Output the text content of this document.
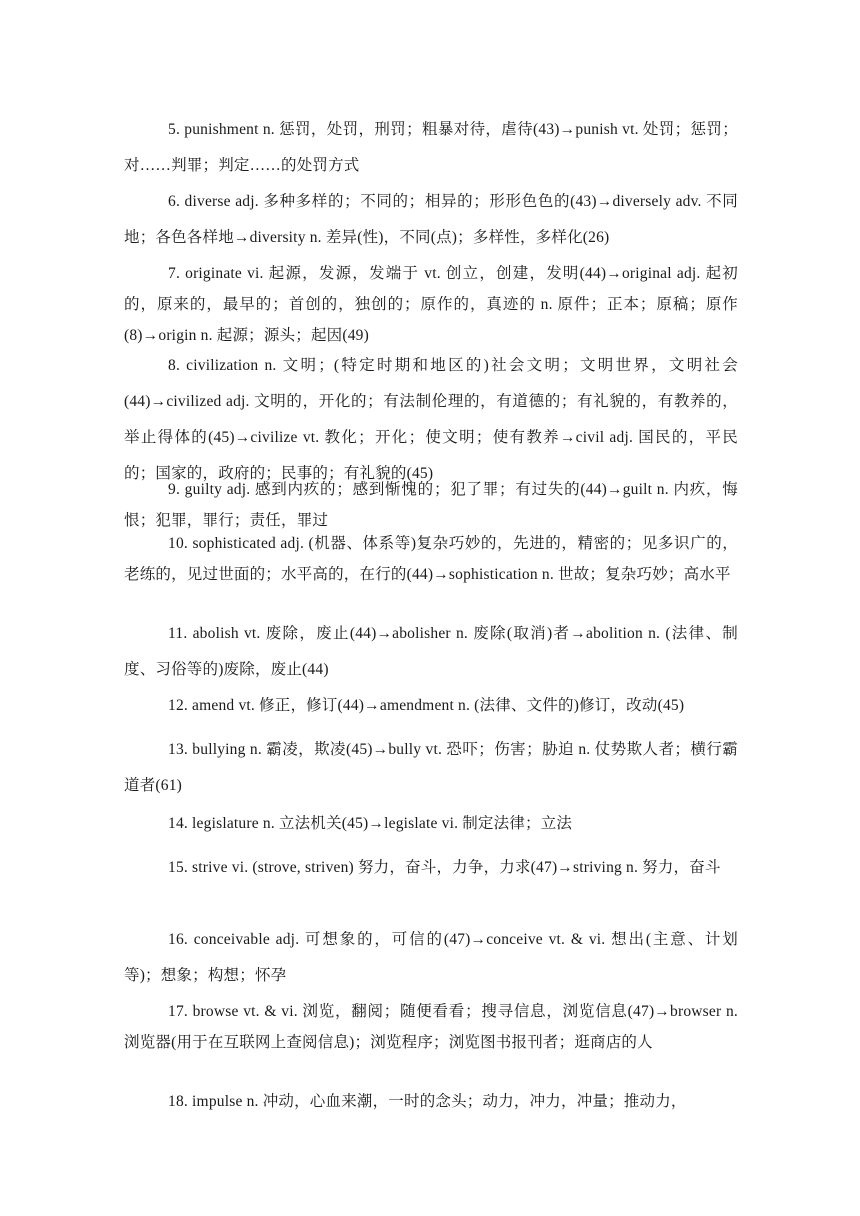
5. punishment n. 惩罚，处罚，刑罚；粗暴对待，虐待(43)→punish vt. 处罚；惩罚；对……判罪；判定……的处罚方式

6. diverse adj. 多种多样的；不同的；相异的；形形色色的(43)→diversely adv. 不同地；各色各样地→diversity n. 差异(性)，不同(点)；多样性，多样化(26)

7. originate vi. 起源，发源，发端于 vt. 创立，创建，发明(44)→original adj. 起初的，原来的，最早的；首创的，独创的；原作的，真迹的 n. 原件；正本；原稿；原作(8)→origin n. 起源；源头；起因(49)

8. civilization n. 文明；(特定时期和地区的)社会文明；文明世界，文明社会(44)→civilized adj. 文明的，开化的；有法制伦理的，有道德的；有礼貌的，有教养的，举止得体的(45)→civilize vt. 教化；开化；使文明；使有教养→civil adj. 国民的，平民的；国家的，政府的；民事的；有礼貌的(45)

9. guilty adj. 感到内疚的；感到惭愧的；犯了罪；有过失的(44)→guilt n. 内疚，悔恨；犯罪，罪行；责任，罪过

10. sophisticated adj. (机器、体系等)复杂巧妙的，先进的，精密的；见多识广的，老练的，见过世面的；水平高的，在行的(44)→sophistication n. 世故；复杂巧妙；高水平

11. abolish vt. 废除，废止(44)→abolisher n. 废除(取消)者→abolition n. (法律、制度、习俗等的)废除，废止(44)

12. amend vt. 修正，修订(44)→amendment n. (法律、文件的)修订，改动(45)

13. bullying n. 霸凌，欺凌(45)→bully vt. 恐吓；伤害；胁迫 n. 仗势欺人者；横行霸道者(61)

14. legislature n. 立法机关(45)→legislate vi. 制定法律；立法

15. strive vi. (strove, striven) 努力，奋斗，力争，力求(47)→striving n. 努力，奋斗

16. conceivable adj. 可想象的，可信的(47)→conceive vt. & vi. 想出(主意、计划等)；想象；构想；怀孕

17. browse vt. & vi. 浏览，翻阅；随便看看；搜寻信息，浏览信息(47)→browser n. 浏览器(用于在互联网上查阅信息)；浏览程序；浏览图书报刊者；逛商店的人

18. impulse n. 冲动，心血来潮，一时的念头；动力，冲力，冲量；推动力，
